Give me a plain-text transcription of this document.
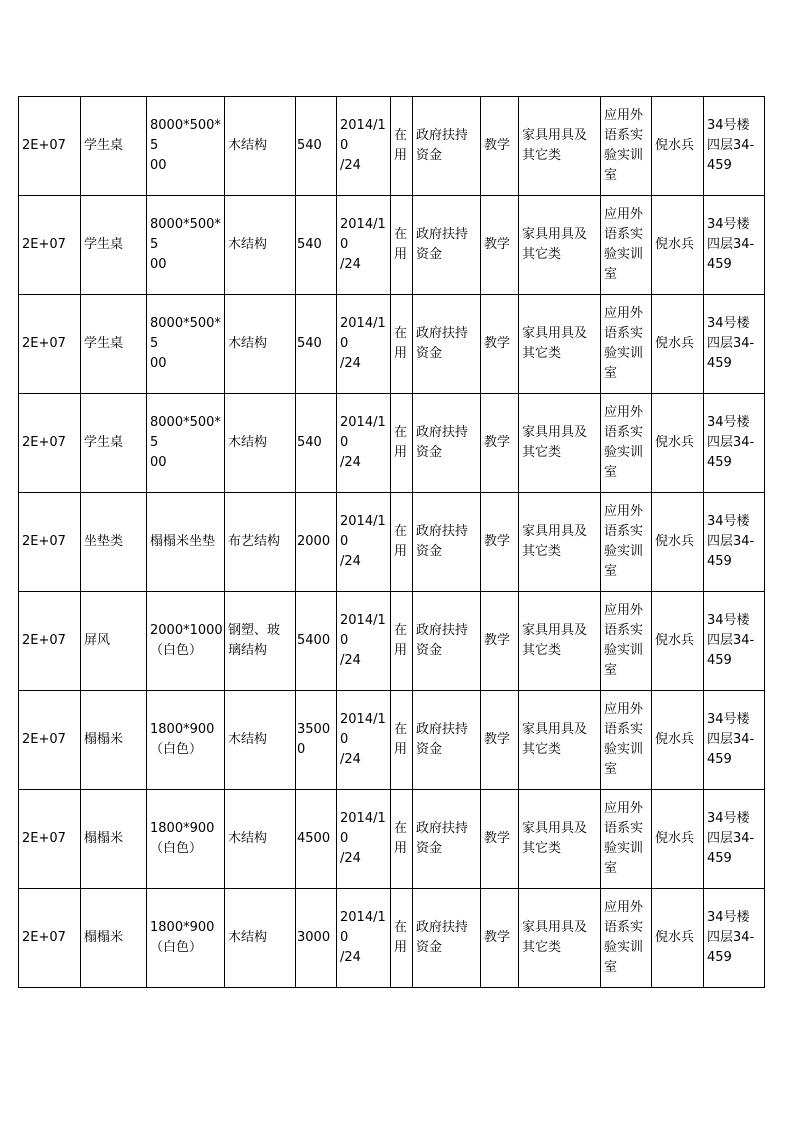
2E+07	学生桌	8000*500*5
00	木结构	540	2014/10
/24	在
用	政府扶持
资金	教学	家具用具及
其它类	应用外
语系实
验实训
室	倪水兵	34号楼
四层34-
459

2E+07	学生桌	8000*500*5
00	木结构	540	2014/10
/24	在
用	政府扶持
资金	教学	家具用具及
其它类	应用外
语系实
验实训
室	倪水兵	34号楼
四层34-
459

2E+07	学生桌	8000*500*5
00	木结构	540	2014/10
/24	在
用	政府扶持
资金	教学	家具用具及
其它类	应用外
语系实
验实训
室	倪水兵	34号楼
四层34-
459

2E+07	学生桌	8000*500*5
00	木结构	540	2014/10
/24	在
用	政府扶持
资金	教学	家具用具及
其它类	应用外
语系实
验实训
室	倪水兵	34号楼
四层34-
459

2E+07	坐垫类	榻榻米坐垫	布艺结构	2000	2014/10
/24	在
用	政府扶持
资金	教学	家具用具及
其它类	应用外
语系实
验实训
室	倪水兵	34号楼
四层34-
459

2E+07	屏风	2000*1000
（白色）	钢塑、玻
璃结构	5400	2014/10
/24	在
用	政府扶持
资金	教学	家具用具及
其它类	应用外
语系实
验实训
室	倪水兵	34号楼
四层34-
459

2E+07	榻榻米	1800*900
（白色）	木结构	35000	2014/10
/24	在
用	政府扶持
资金	教学	家具用具及
其它类	应用外
语系实
验实训
室	倪水兵	34号楼
四层34-
459

2E+07	榻榻米	1800*900
（白色）	木结构	4500	2014/10
/24	在
用	政府扶持
资金	教学	家具用具及
其它类	应用外
语系实
验实训
室	倪水兵	34号楼
四层34-
459

2E+07	榻榻米	1800*900
（白色）	木结构	3000	2014/10
/24	在
用	政府扶持
资金	教学	家具用具及
其它类	应用外
语系实
验实训
室	倪水兵	34号楼
四层34-
459
